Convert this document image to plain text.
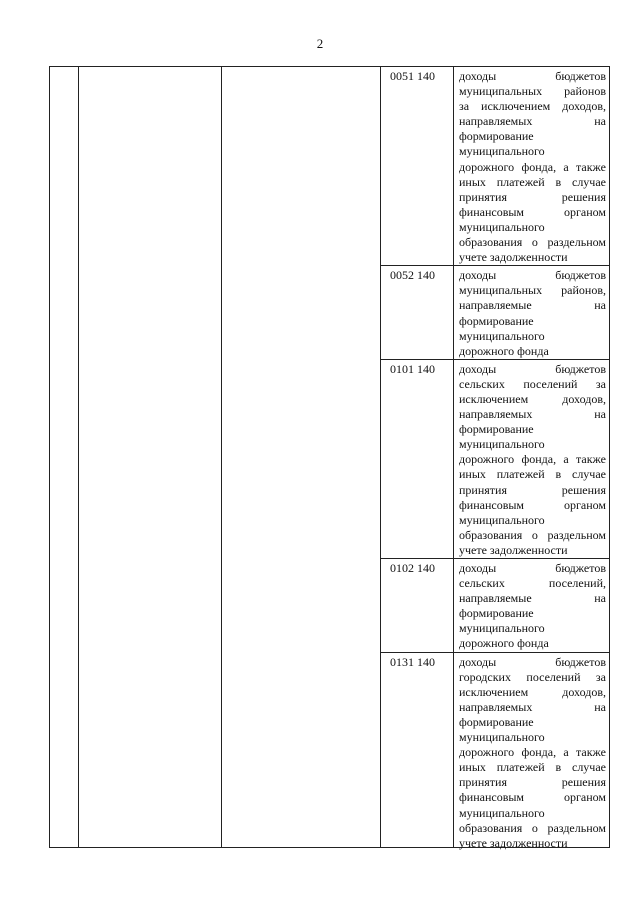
2
0051 140	доходы бюджетов
муниципальных районов
за исключением доходов,
направляемых на
формирование
муниципального
дорожного фонда, а также
иных платежей в случае
принятия решения
финансовым органом
муниципального
образования о раздельном
учете задолженности
0052 140	доходы бюджетов
муниципальных районов,
направляемые на
формирование
муниципального
дорожного фонда
0101 140	доходы бюджетов
сельских поселений за
исключением доходов,
направляемых на
формирование
муниципального
дорожного фонда, а также
иных платежей в случае
принятия решения
финансовым органом
муниципального
образования о раздельном
учете задолженности
0102 140	доходы бюджетов
сельских поселений,
направляемые на
формирование
муниципального
дорожного фонда
0131 140	доходы бюджетов
городских поселений за
исключением доходов,
направляемых на
формирование
муниципального
дорожного фонда, а также
иных платежей в случае
принятия решения
финансовым органом
муниципального
образования о раздельном
учете задолженности
